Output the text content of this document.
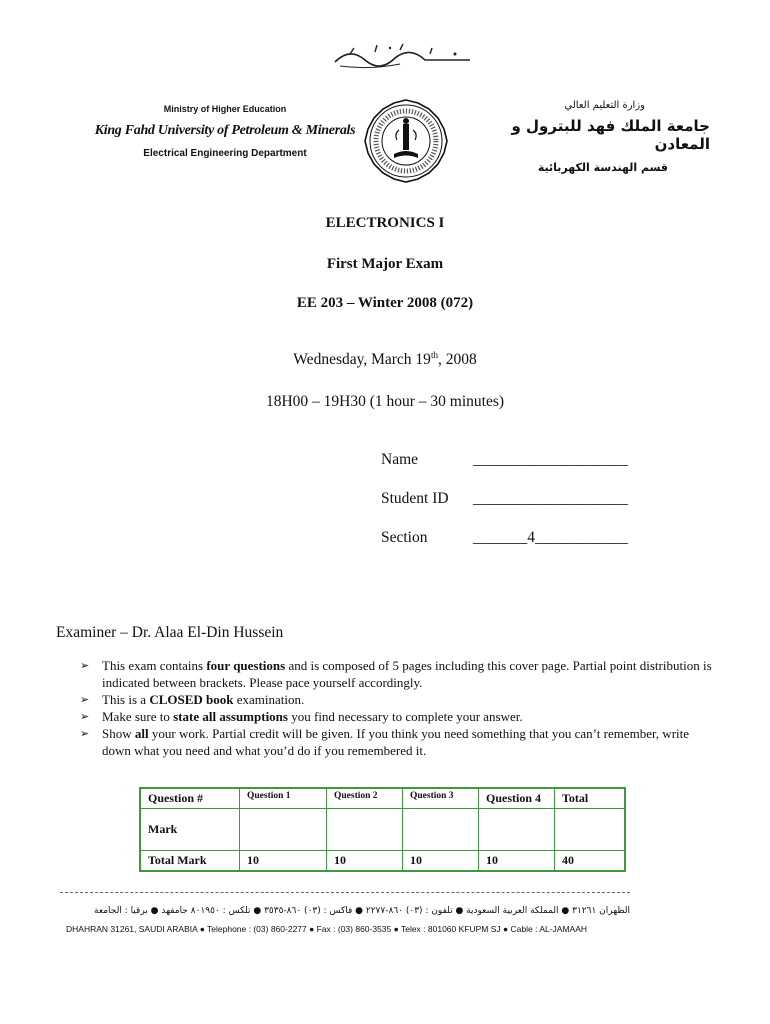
Ministry of Higher Education
King Fahd University of Petroleum & Minerals
Electrical Engineering Department
وزارة التعليم العالي
جامعة الملك فهد للبترول و المعادن
قسم الهندسة الكهربائية
ELECTRONICS I
First Major Exam
EE 203 – Winter 2008 (072)
Wednesday, March 19th, 2008
18H00 – 19H30 (1 hour – 30 minutes)
Name	____________________
Student ID ____________________
Section	_______4____________
Examiner – Dr. Alaa El-Din Hussein
➢ This exam contains four questions and is composed of 5 pages including this cover page. Partial point distribution is indicated between brackets. Please pace yourself accordingly.
➢ This is a CLOSED book examination.
➢ Make sure to state all assumptions you find necessary to complete your answer.
➢ Show all your work. Partial credit will be given. If you think you need something that you can’t remember, write down what you need and what you’d do if you remembered it.
Question #	Question 1	Question 2	Question 3	Question 4	Total
Mark					
Total Mark	10	10	10	10	40
الظهران ٣١٢٦١ ● المملكة العربية السعودية ● تلفون : (٠٣) ٨٦٠-٢٢٧٧ ● فاكس : (٠٣) ٨٦٠-٣٥٣٥ ● تلكس : ٨٠١٩٥٠ جامفهد ● برقيا : الجامعة
DHAHRAN 31261, SAUDI ARABIA ● Telephone : (03) 860-2277 ● Fax : (03) 860-3535 ● Telex : 801060 KFUPM SJ ● Cable : AL-JAMAAH
